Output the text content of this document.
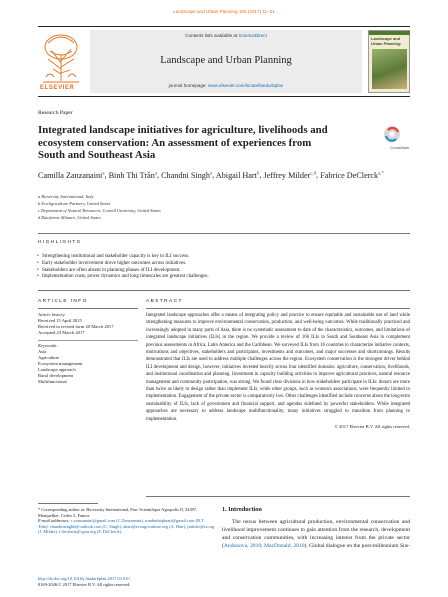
Landscape and Urban Planning 165 (2017) 11–21
ELSEVIER
Contents lists available at ScienceDirect
Landscape and Urban Planning
journal homepage: www.elsevier.com/locate/landurbplan
Landscape and Urban Planning
Research Paper
Integrated landscape initiatives for agriculture, livelihoods and ecosystem conservation: An assessment of experiences from South and Southeast Asia
CrossMark
Camilla Zanzanaini$^a$, Binh Thi Trần$^a$, Chandni Singh$^a$, Abigail Hart$^b$, Jeffrey Milder$^{c,d}$, Fabrice DeClerck$^{a,*}$
a Bioversity International, Italy
b EcoAgriculture Partners, United States
c Department of Natural Resources, Cornell University, United States
d Rainforest Alliance, United States
HIGHLIGHTS
• Strengthening institutional and stakeholder capacity is key to ILI success.
• Early stakeholder involvement drove higher outcomes across initiatives.
• Stakeholders are often absent in planning phases of ILI development.
• Implementation costs, power dynamics and long timescales are greatest challenges.
ARTICLE INFO	ABSTRACT
Article history:
Received 15 April 2015
Received in revised form 20 March 2017
Accepted 23 March 2017
Keywords:
Asia
Agriculture
Ecosystem management
Landscape approach
Rural development
Multifunctional

Integrated landscape approaches offer a means of integrating policy and practice to ensure equitable and sustainable use of land while strengthening measures to improve environmental conservation, production, and well-being outcomes. While traditionally practiced and increasingly adopted in many parts of Asia, there is no systematic assessment to date of the characteristics, outcomes, and limitations of integrated landscape initiatives (ILIs) in the region. We provide a review of 166 ILIs in South and Southeast Asia to complement previous assessments in Africa, Latin America and the Caribbean. We surveyed ILIs from 16 countries to characterize initiative contexts, motivations and objectives, stakeholders and participants, investments and outcomes, and major successes and shortcomings. Results demonstrated that ILIs are used to address multiple challenges across the region. Ecosystem conservation is the strongest driver behind ILI development and design, however, initiatives invested heavily across four identified domains: agriculture, conservation, livelihoods, and institutional coordination and planning. Investment in capacity building activities to improve agricultural practices, natural resource management and community participation, was strong. We found clear divisions in how stakeholders participate in ILIs: donors are more than twice as likely to design rather than implement ILIs, while other groups, such as women's associations, were frequently limited to implementation. Engagement of the private sector is comparatively low. Other challenges identified include concerns about the long-term sustainability of ILIs, lack of government and financial support, and agendas sidelined by powerful stakeholders. While integrated approaches are necessary to address landscape multifunctionality, many initiatives struggled to transition from planning to implementation.

© 2017 Elsevier B.V. All rights reserved.

1. Introduction

The nexus between agricultural production, environmental conservation and livelihood improvement continues to gain attention from the research, development and conservation communities, with increasing interest from the private sector (Andonova, 2010; MacDonald, 2010). Global dialogue on the post-millennium Sus-

* Corresponding author at: Bioversity International, Parc Scientifique Agropolis II, 34397, Montpellier, Cedex 5, France.
E-mail addresses: c.zanzanaini@gmail.com (C.Zanzanaini), tranbinhtqbnatt@gmail.com (B.T. Trần), chandnisinghb@outlook.com (C. Singh), ahart@ecoagriculture.org (A. Hart), jmilder@ra.org (J. Milder), f.declerck@cgiar.org (F. DeClerck).
http://dx.doi.org/10.1016/j.landurbplan.2017.03.010
0169-2046/© 2017 Elsevier B.V. All rights reserved.
